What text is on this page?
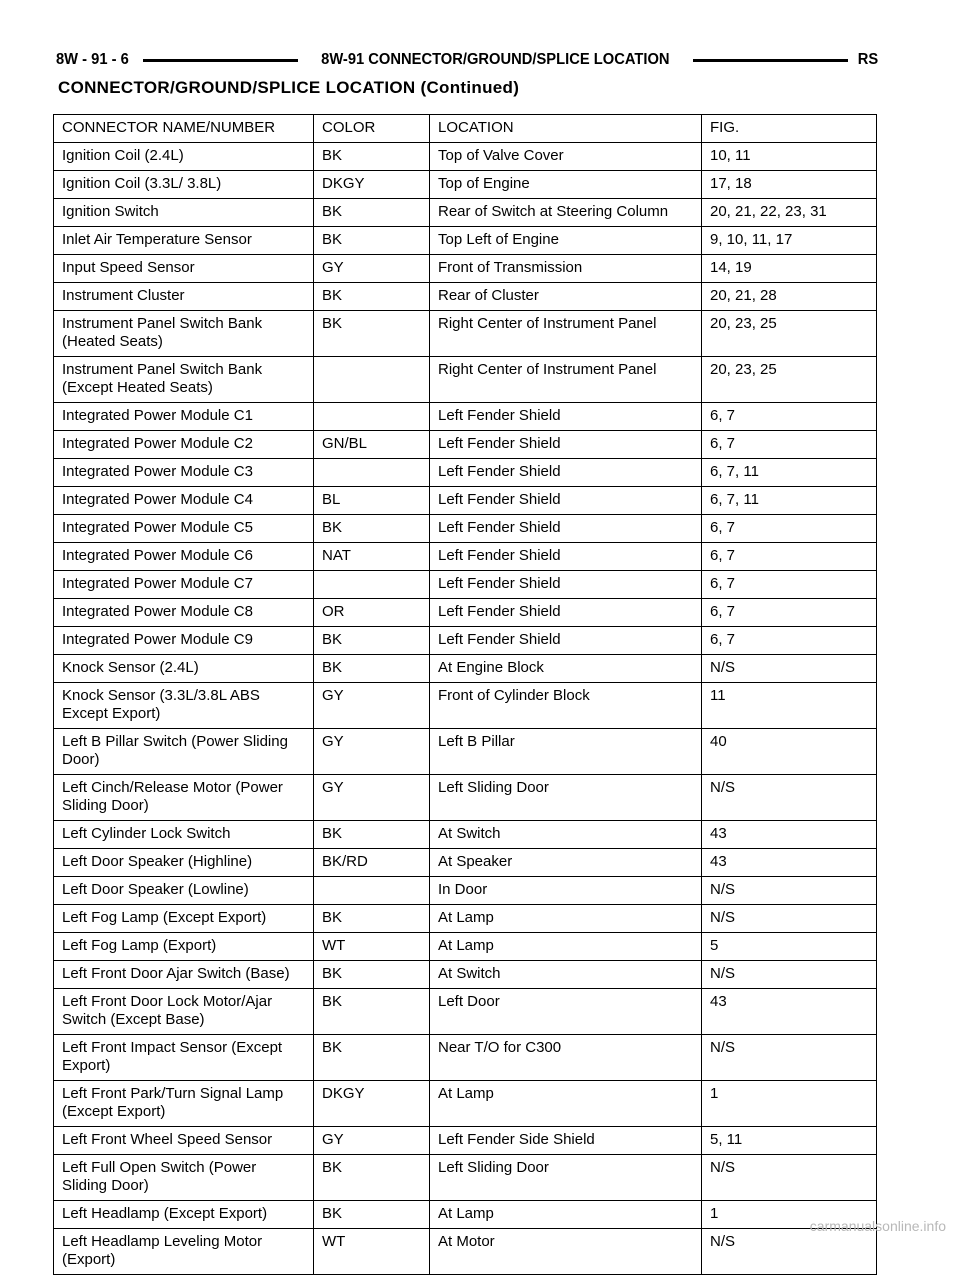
8W - 91 - 6	8W-91 CONNECTOR/GROUND/SPLICE LOCATION	RS
CONNECTOR/GROUND/SPLICE LOCATION (Continued)
CONNECTOR NAME/NUMBER	COLOR	LOCATION	FIG.
Ignition Coil (2.4L)	BK	Top of Valve Cover	10, 11
Ignition Coil (3.3L/ 3.8L)	DKGY	Top of Engine	17, 18
Ignition Switch	BK	Rear of Switch at Steering Column	20, 21, 22, 23, 31
Inlet Air Temperature Sensor	BK	Top Left of Engine	9, 10, 11, 17
Input Speed Sensor	GY	Front of Transmission	14, 19
Instrument Cluster	BK	Rear of Cluster	20, 21, 28
Instrument Panel Switch Bank (Heated Seats)	BK	Right Center of Instrument Panel	20, 23, 25
Instrument Panel Switch Bank (Except Heated Seats)		Right Center of Instrument Panel	20, 23, 25
Integrated Power Module C1		Left Fender Shield	6, 7
Integrated Power Module C2	GN/BL	Left Fender Shield	6, 7
Integrated Power Module C3		Left Fender Shield	6, 7, 11
Integrated Power Module C4	BL	Left Fender Shield	6, 7, 11
Integrated Power Module C5	BK	Left Fender Shield	6, 7
Integrated Power Module C6	NAT	Left Fender Shield	6, 7
Integrated Power Module C7		Left Fender Shield	6, 7
Integrated Power Module C8	OR	Left Fender Shield	6, 7
Integrated Power Module C9	BK	Left Fender Shield	6, 7
Knock Sensor (2.4L)	BK	At Engine Block	N/S
Knock Sensor (3.3L/3.8L ABS Except Export)	GY	Front of Cylinder Block	11
Left B Pillar Switch (Power Sliding Door)	GY	Left B Pillar	40
Left Cinch/Release Motor (Power Sliding Door)	GY	Left Sliding Door	N/S
Left Cylinder Lock Switch	BK	At Switch	43
Left Door Speaker (Highline)	BK/RD	At Speaker	43
Left Door Speaker (Lowline)		In Door	N/S
Left Fog Lamp (Except Export)	BK	At Lamp	N/S
Left Fog Lamp (Export)	WT	At Lamp	5
Left Front Door Ajar Switch (Base)	BK	At Switch	N/S
Left Front Door Lock Motor/Ajar Switch (Except Base)	BK	Left Door	43
Left Front Impact Sensor (Except Export)	BK	Near T/O for C300	N/S
Left Front Park/Turn Signal Lamp (Except Export)	DKGY	At Lamp	1
Left Front Wheel Speed Sensor	GY	Left Fender Side Shield	5, 11
Left Full Open Switch (Power Sliding Door)	BK	Left Sliding Door	N/S
Left Headlamp (Except Export)	BK	At Lamp	1
Left Headlamp Leveling Motor (Export)	WT	At Motor	N/S
carmanualsonline.info
